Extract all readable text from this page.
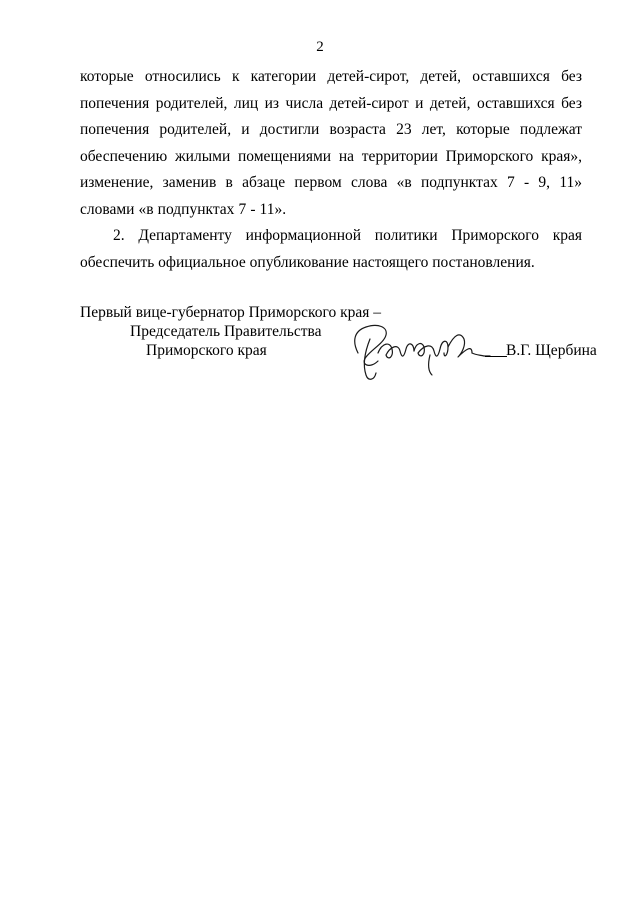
2

которые относились к категории детей-сирот, детей, оставшихся без попечения родителей, лиц из числа детей-сирот и детей, оставшихся без попечения родителей, и достигли возраста 23 лет, которые подлежат обеспечению жилыми помещениями на территории Приморского края», изменение, заменив в абзаце первом слова «в подпунктах 7 - 9, 11» словами «в подпунктах 7 - 11».

2. Департаменту информационной политики Приморского края обеспечить официальное опубликование настоящего постановления.

Первый вице-губернатор Приморского края –
Председатель Правительства
Приморского края	В.Г. Щербина
